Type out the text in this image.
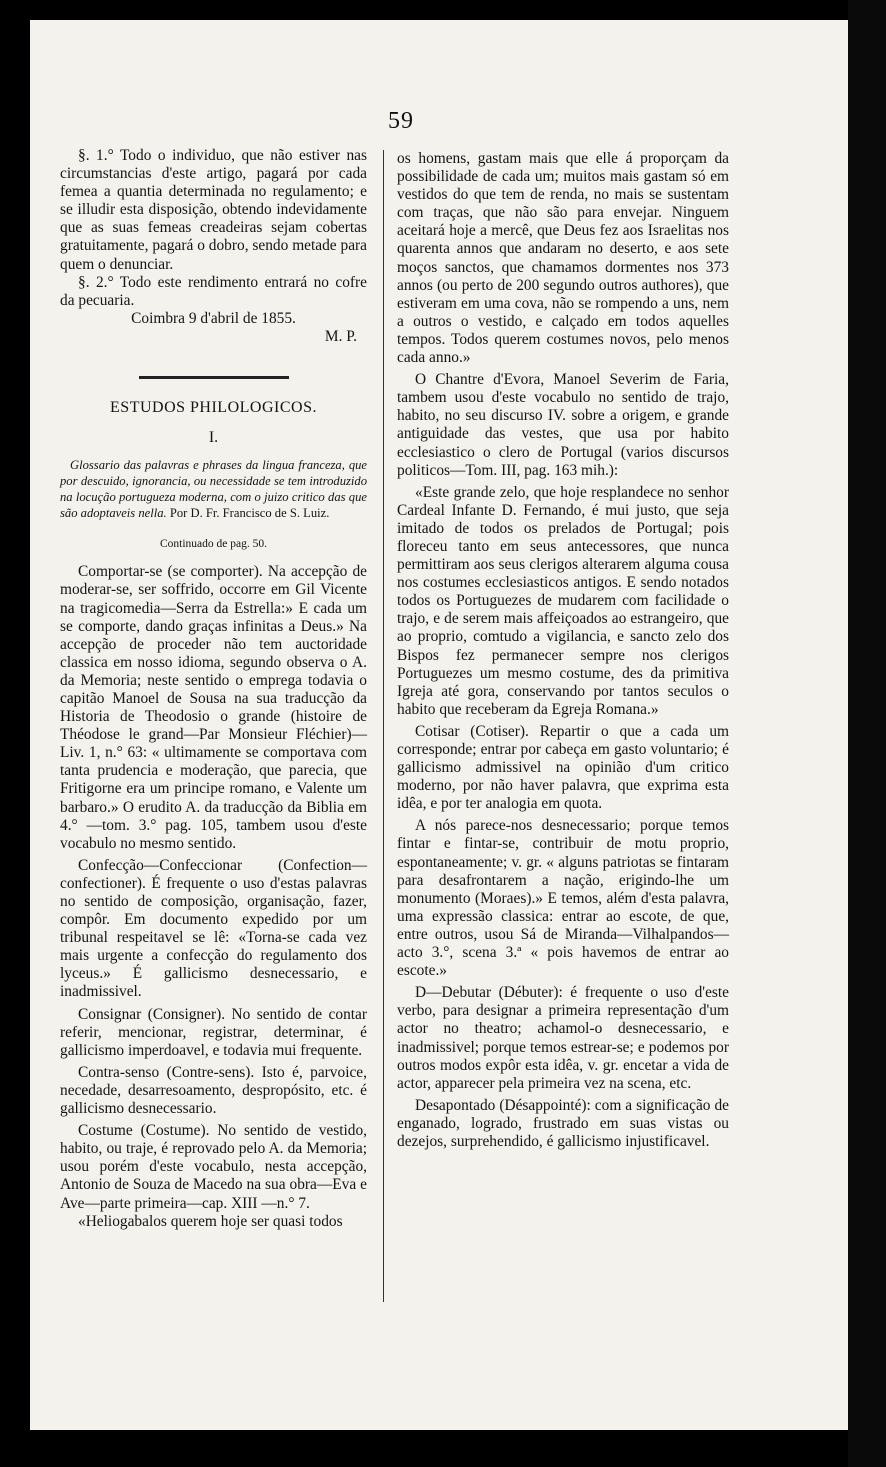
59

§. 1.° Todo o individuo, que não estiver nas circumstancias d'este artigo, pagará por cada femea a quantia determinada no regulamento; e se illudir esta disposição, obtendo indevidamente que as suas femeas creadeiras sejam cobertas gratuitamente, pagará o dobro, sendo metade para quem o denunciar.

§. 2.° Todo este rendimento entrará no cofre da pecuaria.

Coimbra 9 d'abril de 1855.

M. P.

ESTUDOS PHILOLOGICOS.

I.

Glossario das palavras e phrases da lingua franceza, que por descuido, ignorancia, ou necessidade se tem introduzido na locução portugueza moderna, com o juizo critico das que são adoptaveis nella. Por D. Fr. Francisco de S. Luiz.

Continuado de pag. 50.

Comportar-se (se comporter). Na accepção de moderar-se, ser soffrido, occorre em Gil Vicente na tragicomedia—Serra da Estrella:» E cada um se comporte, dando graças infinitas a Deus.» Na accepção de proceder não tem auctoridade classica em nosso idioma, segundo observa o A. da Memoria; neste sentido o emprega todavia o capitão Manoel de Sousa na sua traducção da Historia de Theodosio o grande (histoire de Théodose le grand—Par Monsieur Fléchier)—Liv. 1, n.° 63: « ultimamente se comportava com tanta prudencia e moderação, que parecia, que Fritigorne era um principe romano, e Valente um barbaro.» O erudito A. da traducção da Biblia em 4.° —tom. 3.° pag. 105, tambem usou d'este vocabulo no mesmo sentido.

Confecção—Confeccionar (Confection—confectioner). É frequente o uso d'estas palavras no sentido de composição, organisação, fazer, compôr. Em documento expedido por um tribunal respeitavel se lê: «Torna-se cada vez mais urgente a confecção do regulamento dos lyceus.» É gallicismo desnecessario, e inadmissivel.

Consignar (Consigner). No sentido de contar referir, mencionar, registrar, determinar, é gallicismo imperdoavel, e todavia mui frequente.

Contra-senso (Contre-sens). Isto é, parvoice, necedade, desarresoamento, despropósito, etc. é gallicismo desnecessario.

Costume (Costume). No sentido de vestido, habito, ou traje, é reprovado pelo A. da Memoria; usou porém d'este vocabulo, nesta accepção, Antonio de Souza de Macedo na sua obra—Eva e Ave—parte primeira—cap. XIII —n.° 7.

«Heliogabalos querem hoje ser quasi todos

os homens, gastam mais que elle á proporçam da possibilidade de cada um; muitos mais gastam só em vestidos do que tem de renda, no mais se sustentam com traças, que não são para envejar. Ninguem aceitará hoje a mercê, que Deus fez aos Israelitas nos quarenta annos que andaram no deserto, e aos sete moços sanctos, que chamamos dormentes nos 373 annos (ou perto de 200 segundo outros authores), que estiveram em uma cova, não se rompendo a uns, nem a outros o vestido, e calçado em todos aquelles tempos. Todos querem costumes novos, pelo menos cada anno.»

O Chantre d'Evora, Manoel Severim de Faria, tambem usou d'este vocabulo no sentido de trajo, habito, no seu discurso IV. sobre a origem, e grande antiguidade das vestes, que usa por habito ecclesiastico o clero de Portugal (varios discursos politicos—Tom. III, pag. 163 mih.):

«Este grande zelo, que hoje resplandece no senhor Cardeal Infante D. Fernando, é mui justo, que seja imitado de todos os prelados de Portugal; pois floreceu tanto em seus antecessores, que nunca permittiram aos seus clerigos alterarem alguma cousa nos costumes ecclesiasticos antigos. E sendo notados todos os Portuguezes de mudarem com facilidade o trajo, e de serem mais affeiçoados ao estrangeiro, que ao proprio, comtudo a vigilancia, e sancto zelo dos Bispos fez permanecer sempre nos clerigos Portuguezes um mesmo costume, des da primitiva Igreja até gora, conservando por tantos seculos o habito que receberam da Egreja Romana.»

Cotisar (Cotiser). Repartir o que a cada um corresponde; entrar por cabeça em gasto voluntario; é gallicismo admissivel na opinião d'um critico moderno, por não haver palavra, que exprima esta idêa, e por ter analogia em quota.

A nós parece-nos desnecessario; porque temos fintar e fintar-se, contribuir de motu proprio, espontaneamente; v. gr. « alguns patriotas se fintaram para desafrontarem a nação, erigindo-lhe um monumento (Moraes).» E temos, além d'esta palavra, uma expressão classica: entrar ao escote, de que, entre outros, usou Sá de Miranda—Vilhalpandos—acto 3.°, scena 3.ª « pois havemos de entrar ao escote.»

D—Debutar (Débuter): é frequente o uso d'este verbo, para designar a primeira representação d'um actor no theatro; achamol-o desnecessario, e inadmissivel; porque temos estrear-se; e podemos por outros modos expôr esta idêa, v. gr. encetar a vida de actor, apparecer pela primeira vez na scena, etc.

Desapontado (Désappointé): com a significação de enganado, logrado, frustrado em suas vistas ou dezejos, surprehendido, é gallicismo injustificavel.
